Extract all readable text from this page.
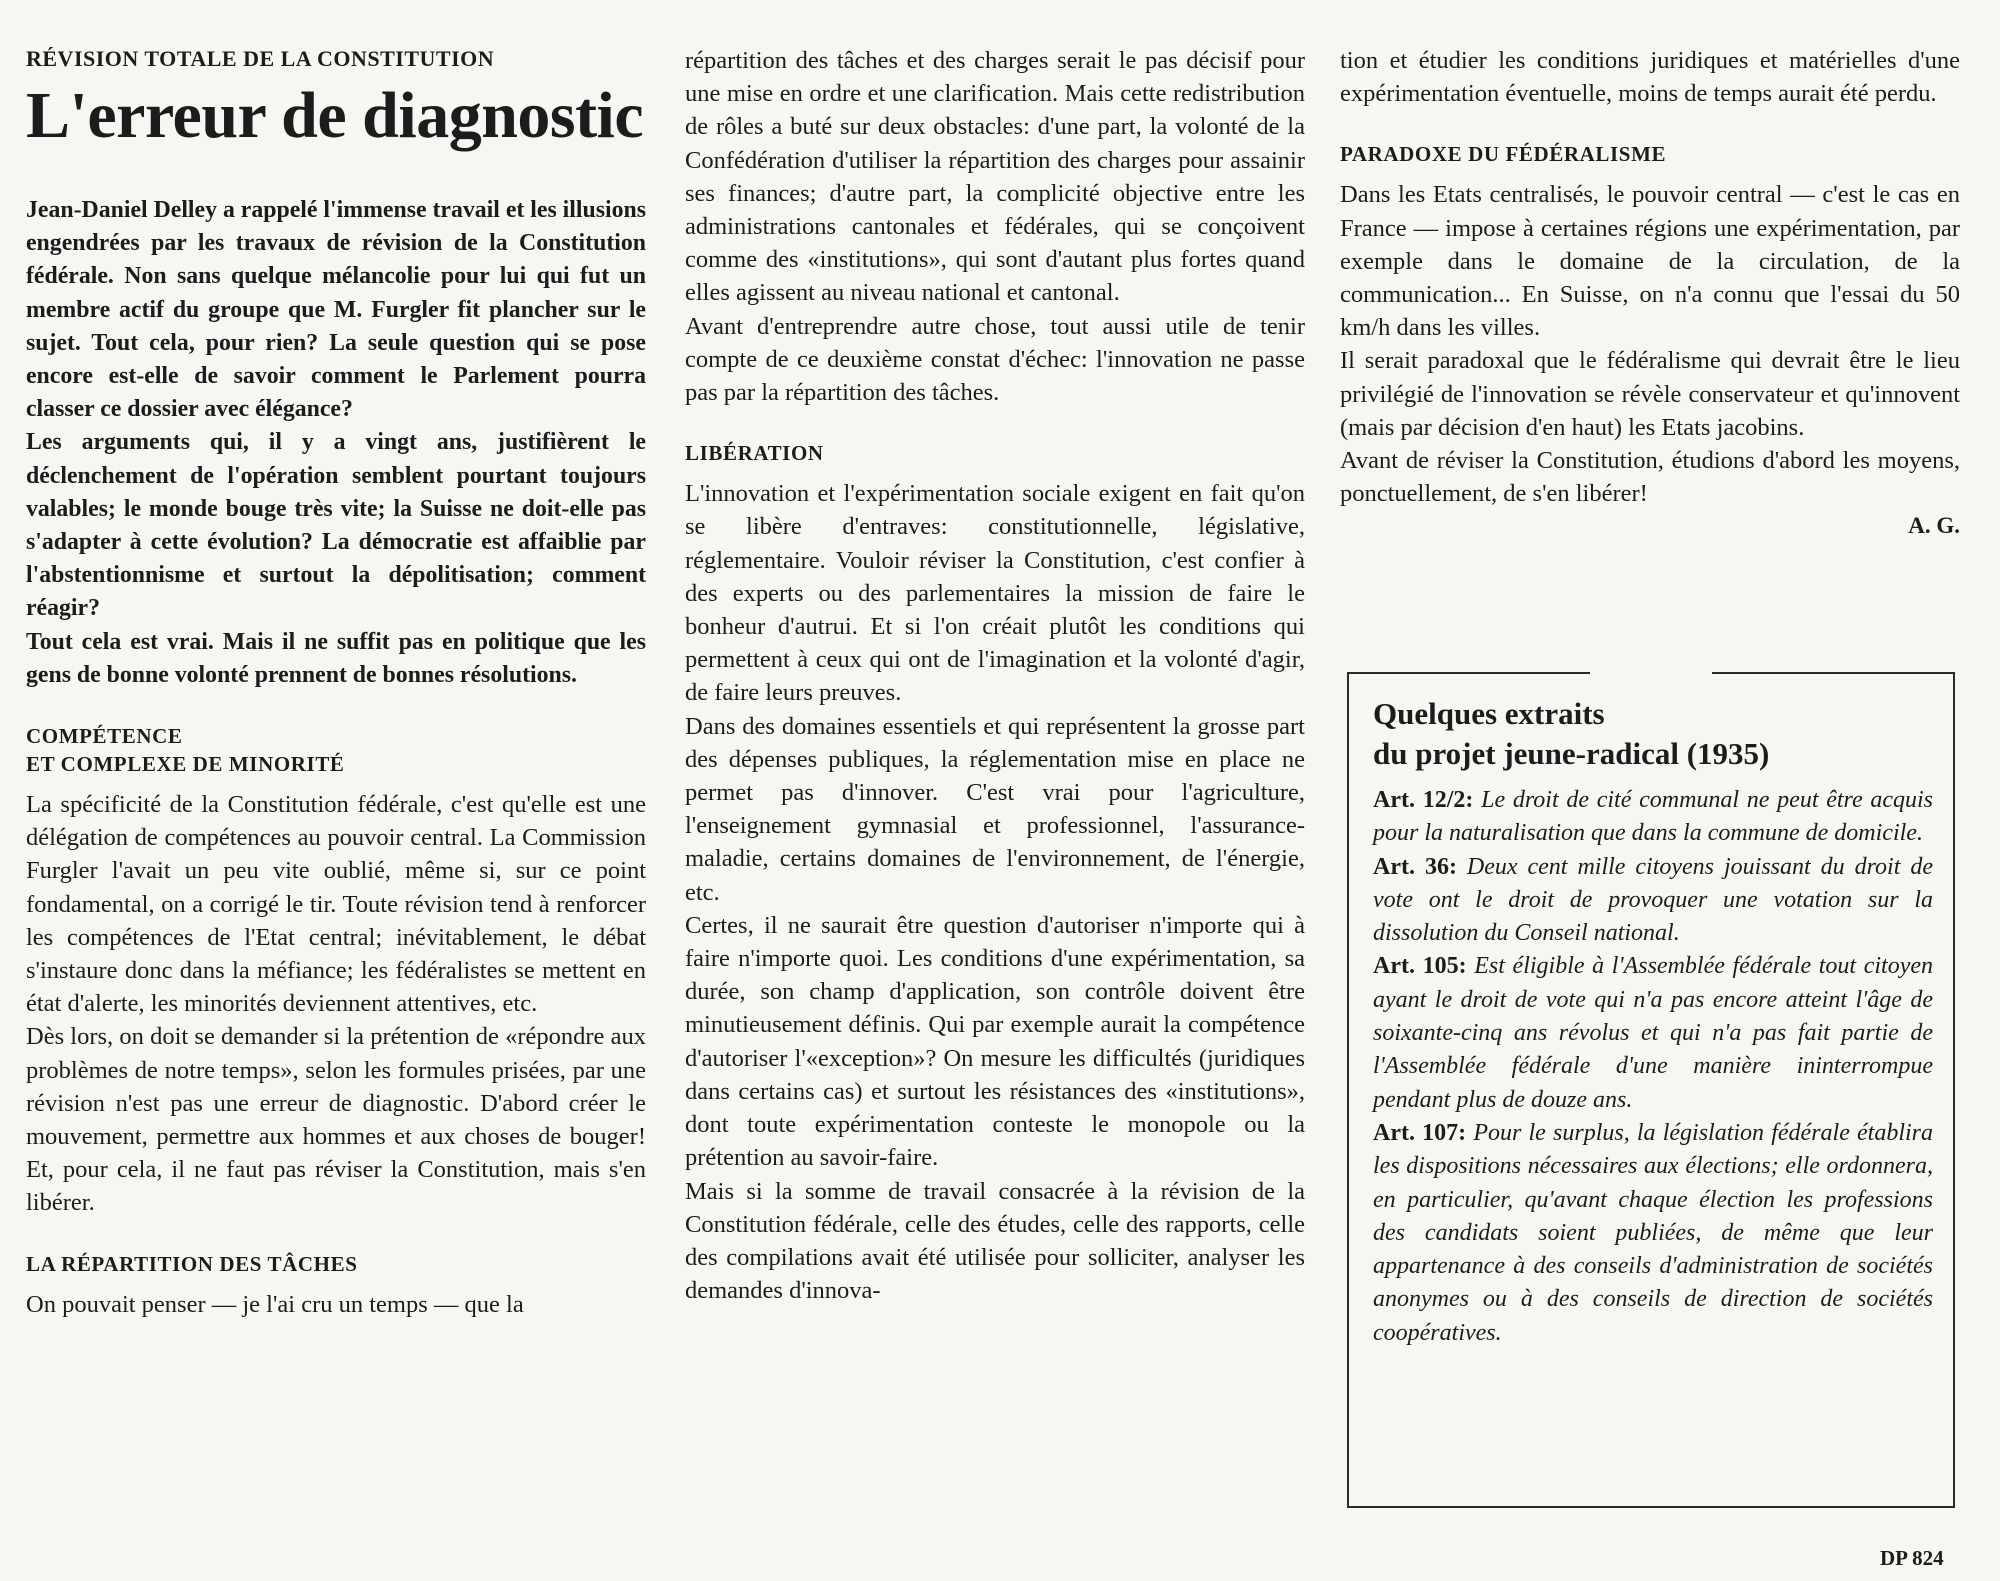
RÉVISION TOTALE DE LA CONSTITUTION

L'erreur de diagnostic

Jean-Daniel Delley a rappelé l'immense travail et les illusions engendrées par les travaux de révision de la Constitution fédérale. Non sans quelque mélancolie pour lui qui fut un membre actif du groupe que M. Furgler fit plancher sur le sujet. Tout cela, pour rien? La seule question qui se pose encore est-elle de savoir comment le Parlement pourra classer ce dossier avec élégance?

Les arguments qui, il y a vingt ans, justifièrent le déclenchement de l'opération semblent pourtant toujours valables; le monde bouge très vite; la Suisse ne doit-elle pas s'adapter à cette évolution? La démocratie est affaiblie par l'abstentionnisme et surtout la dépolitisation; comment réagir?

Tout cela est vrai. Mais il ne suffit pas en politique que les gens de bonne volonté prennent de bonnes résolutions.

COMPÉTENCE
ET COMPLEXE DE MINORITÉ

La spécificité de la Constitution fédérale, c'est qu'elle est une délégation de compétences au pouvoir central. La Commission Furgler l'avait un peu vite oublié, même si, sur ce point fondamental, on a corrigé le tir. Toute révision tend à renforcer les compétences de l'Etat central; inévitablement, le débat s'instaure donc dans la méfiance; les fédéralistes se mettent en état d'alerte, les minorités deviennent attentives, etc.

Dès lors, on doit se demander si la prétention de «répondre aux problèmes de notre temps», selon les formules prisées, par une révision n'est pas une erreur de diagnostic. D'abord créer le mouvement, permettre aux hommes et aux choses de bouger! Et, pour cela, il ne faut pas réviser la Constitution, mais s'en libérer.

LA RÉPARTITION DES TÂCHES

On pouvait penser — je l'ai cru un temps — que la

répartition des tâches et des charges serait le pas décisif pour une mise en ordre et une clarification. Mais cette redistribution de rôles a buté sur deux obstacles: d'une part, la volonté de la Confédération d'utiliser la répartition des charges pour assainir ses finances; d'autre part, la complicité objective entre les administrations cantonales et fédérales, qui se conçoivent comme des «institutions», qui sont d'autant plus fortes quand elles agissent au niveau national et cantonal.

Avant d'entreprendre autre chose, tout aussi utile de tenir compte de ce deuxième constat d'échec: l'innovation ne passe pas par la répartition des tâches.

LIBÉRATION

L'innovation et l'expérimentation sociale exigent en fait qu'on se libère d'entraves: constitutionnelle, législative, réglementaire. Vouloir réviser la Constitution, c'est confier à des experts ou des parlementaires la mission de faire le bonheur d'autrui. Et si l'on créait plutôt les conditions qui permettent à ceux qui ont de l'imagination et la volonté d'agir, de faire leurs preuves.

Dans des domaines essentiels et qui représentent la grosse part des dépenses publiques, la réglementation mise en place ne permet pas d'innover. C'est vrai pour l'agriculture, l'enseignement gymnasial et professionnel, l'assurance-maladie, certains domaines de l'environnement, de l'énergie, etc.

Certes, il ne saurait être question d'autoriser n'importe qui à faire n'importe quoi. Les conditions d'une expérimentation, sa durée, son champ d'application, son contrôle doivent être minutieusement définis. Qui par exemple aurait la compétence d'autoriser l'«exception»? On mesure les difficultés (juridiques dans certains cas) et surtout les résistances des «institutions», dont toute expérimentation conteste le monopole ou la prétention au savoir-faire.

Mais si la somme de travail consacrée à la révision de la Constitution fédérale, celle des études, celle des rapports, celle des compilations avait été utilisée pour solliciter, analyser les demandes d'innova-

tion et étudier les conditions juridiques et matérielles d'une expérimentation éventuelle, moins de temps aurait été perdu.

PARADOXE DU FÉDÉRALISME

Dans les Etats centralisés, le pouvoir central — c'est le cas en France — impose à certaines régions une expérimentation, par exemple dans le domaine de la circulation, de la communication... En Suisse, on n'a connu que l'essai du 50 km/h dans les villes.

Il serait paradoxal que le fédéralisme qui devrait être le lieu privilégié de l'innovation se révèle conservateur et qu'innovent (mais par décision d'en haut) les Etats jacobins.

Avant de réviser la Constitution, étudions d'abord les moyens, ponctuellement, de s'en libérer!

A. G.

Quelques extraits
du projet jeune-radical (1935)

Art. 12/2: Le droit de cité communal ne peut être acquis pour la naturalisation que dans la commune de domicile.

Art. 36: Deux cent mille citoyens jouissant du droit de vote ont le droit de provoquer une votation sur la dissolution du Conseil national.

Art. 105: Est éligible à l'Assemblée fédérale tout citoyen ayant le droit de vote qui n'a pas encore atteint l'âge de soixante-cinq ans révolus et qui n'a pas fait partie de l'Assemblée fédérale d'une manière ininterrompue pendant plus de douze ans.

Art. 107: Pour le surplus, la législation fédérale établira les dispositions nécessaires aux élections; elle ordonnera, en particulier, qu'avant chaque élection les professions des candidats soient publiées, de même que leur appartenance à des conseils d'administration de sociétés anonymes ou à des conseils de direction de sociétés coopératives.

DP 824
